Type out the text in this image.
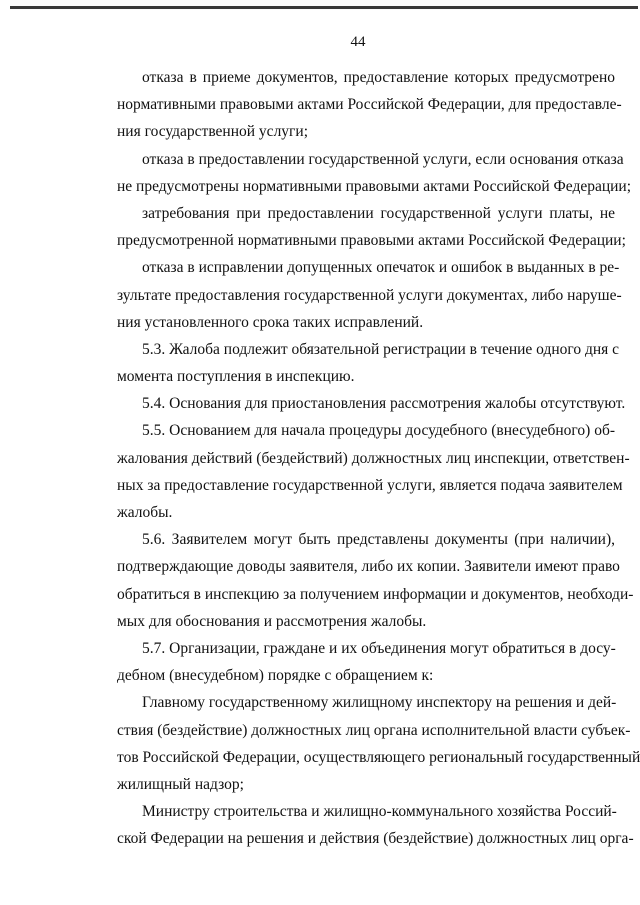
44
отказа в приеме документов, предоставление которых предусмотрено
нормативными правовыми актами Российской Федерации, для предоставле-
ния государственной услуги;
отказа в предоставлении государственной услуги, если основания отказа
не предусмотрены нормативными правовыми актами Российской Федерации;
затребования при предоставлении государственной услуги платы, не
предусмотренной нормативными правовыми актами Российской Федерации;
отказа в исправлении допущенных опечаток и ошибок в выданных в ре-
зультате предоставления государственной услуги документах, либо наруше-
ния установленного срока таких исправлений.
5.3. Жалоба подлежит обязательной регистрации в течение одного дня с
момента поступления в инспекцию.
5.4. Основания для приостановления рассмотрения жалобы отсутствуют.
5.5. Основанием для начала процедуры досудебного (внесудебного) об-
жалования действий (бездействий) должностных лиц инспекции, ответствен-
ных за предоставление государственной услуги, является подача заявителем
жалобы.
5.6. Заявителем могут быть представлены документы (при наличии),
подтверждающие доводы заявителя, либо их копии. Заявители имеют право
обратиться в инспекцию за получением информации и документов, необходи-
мых для обоснования и рассмотрения жалобы.
5.7. Организации, граждане и их объединения могут обратиться в досу-
дебном (внесудебном) порядке с обращением к:
Главному государственному жилищному инспектору на решения и дей-
ствия (бездействие) должностных лиц органа исполнительной власти субъек-
тов Российской Федерации, осуществляющего региональный государственный
жилищный надзор;
Министру строительства и жилищно-коммунального хозяйства Россий-
ской Федерации на решения и действия (бездействие) должностных лиц орга-
